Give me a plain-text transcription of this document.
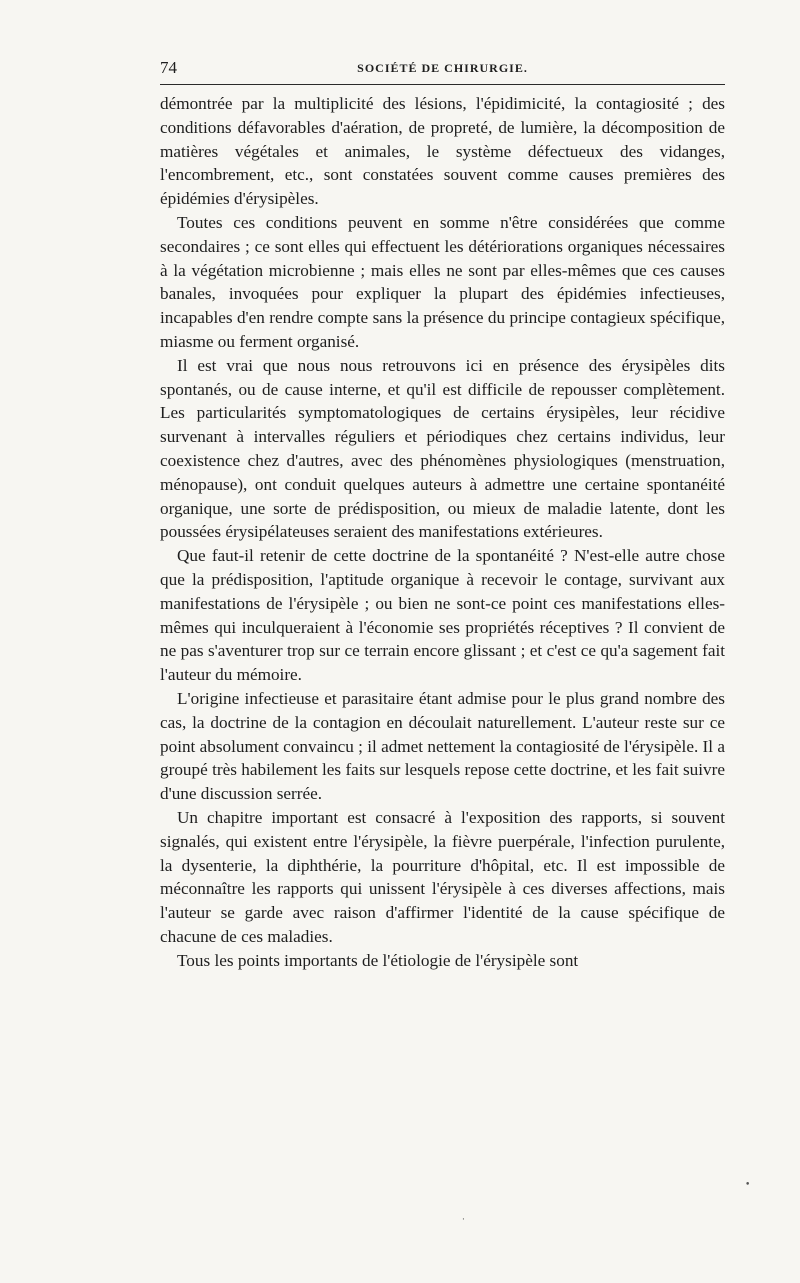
74	SOCIÉTÉ DE CHIRURGIE.

démontrée par la multiplicité des lésions, l'épidimicité, la contagiosité ; des conditions défavorables d'aération, de propreté, de lumière, la décomposition de matières végétales et animales, le système défectueux des vidanges, l'encombrement, etc., sont constatées souvent comme causes premières des épidémies d'érysipèles.

Toutes ces conditions peuvent en somme n'être considérées que comme secondaires ; ce sont elles qui effectuent les détériorations organiques nécessaires à la végétation microbienne ; mais elles ne sont par elles-mêmes que ces causes banales, invoquées pour expliquer la plupart des épidémies infectieuses, incapables d'en rendre compte sans la présence du principe contagieux spécifique, miasme ou ferment organisé.

Il est vrai que nous nous retrouvons ici en présence des érysipèles dits spontanés, ou de cause interne, et qu'il est difficile de repousser complètement. Les particularités symptomatologiques de certains érysipèles, leur récidive survenant à intervalles réguliers et périodiques chez certains individus, leur coexistence chez d'autres, avec des phénomènes physiologiques (menstruation, ménopause), ont conduit quelques auteurs à admettre une certaine spontanéité organique, une sorte de prédisposition, ou mieux de maladie latente, dont les poussées érysipélateuses seraient des manifestations extérieures.

Que faut-il retenir de cette doctrine de la spontanéité ? N'est-elle autre chose que la prédisposition, l'aptitude organique à recevoir le contage, survivant aux manifestations de l'érysipèle ; ou bien ne sont-ce point ces manifestations elles-mêmes qui inculqueraient à l'économie ses propriétés réceptives ? Il convient de ne pas s'aventurer trop sur ce terrain encore glissant ; et c'est ce qu'a sagement fait l'auteur du mémoire.

L'origine infectieuse et parasitaire étant admise pour le plus grand nombre des cas, la doctrine de la contagion en découlait naturellement. L'auteur reste sur ce point absolument convaincu ; il admet nettement la contagiosité de l'érysipèle. Il a groupé très habilement les faits sur lesquels repose cette doctrine, et les fait suivre d'une discussion serrée.

Un chapitre important est consacré à l'exposition des rapports, si souvent signalés, qui existent entre l'érysipèle, la fièvre puerpérale, l'infection purulente, la dysenterie, la diphthérie, la pourriture d'hôpital, etc. Il est impossible de méconnaître les rapports qui unissent l'érysipèle à ces diverses affections, mais l'auteur se garde avec raison d'affirmer l'identité de la cause spécifique de chacune de ces maladies.

Tous les points importants de l'étiologie de l'érysipèle sont

•
·
